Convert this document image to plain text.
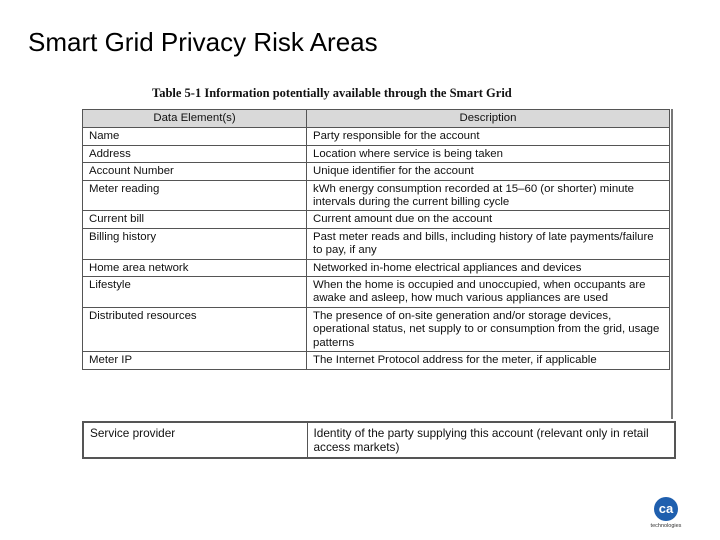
Smart Grid Privacy Risk Areas
Table 5-1 Information potentially available through the Smart Grid
Data Element(s)	Description
Name	Party responsible for the account
Address	Location where service is being taken
Account Number	Unique identifier for the account
Meter reading	kWh energy consumption recorded at 15–60 (or shorter) minute intervals during the current billing cycle
Current bill	Current amount due on the account
Billing history	Past meter reads and bills, including history of late payments/failure to pay, if any
Home area network	Networked in-home electrical appliances and devices
Lifestyle	When the home is occupied and unoccupied, when occupants are awake and asleep, how much various appliances are used
Distributed resources	The presence of on-site generation and/or storage devices, operational status, net supply to or consumption from the grid, usage patterns
Meter IP	The Internet Protocol address for the meter, if applicable
Service provider	Identity of the party supplying this account (relevant only in retail access markets)
ca
technologies
